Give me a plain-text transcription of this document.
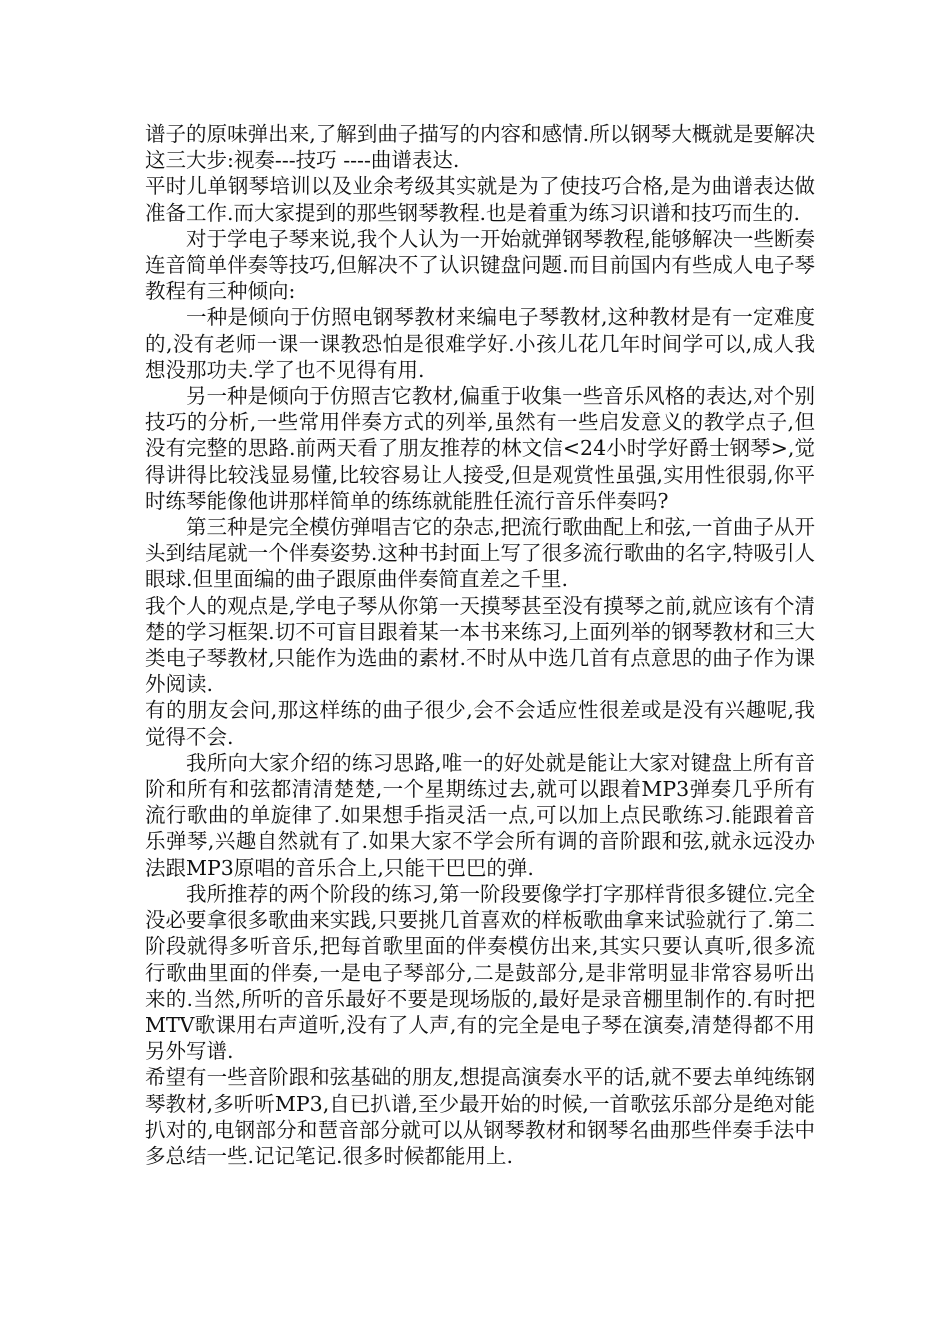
谱子的原味弹出来,了解到曲子描写的内容和感情.所以钢琴大概就是要解决这三大步:视奏---技巧 ----曲谱表达.

平时儿单钢琴培训以及业余考级其实就是为了使技巧合格,是为曲谱表达做准备工作.而大家提到的那些钢琴教程.也是着重为练习识谱和技巧而生的.

对于学电子琴来说,我个人认为一开始就弹钢琴教程,能够解决一些断奏连音简单伴奏等技巧,但解决不了认识键盘问题.而目前国内有些成人电子琴教程有三种倾向:

一种是倾向于仿照电钢琴教材来编电子琴教材,这种教材是有一定难度的,没有老师一课一课教恐怕是很难学好.小孩儿花几年时间学可以,成人我想没那功夫.学了也不见得有用.

另一种是倾向于仿照吉它教材,偏重于收集一些音乐风格的表达,对个别技巧的分析,一些常用伴奏方式的列举,虽然有一些启发意义的教学点子,但没有完整的思路.前两天看了朋友推荐的林文信<24小时学好爵士钢琴>,觉得讲得比较浅显易懂,比较容易让人接受,但是观赏性虽强,实用性很弱,你平时练琴能像他讲那样简单的练练就能胜任流行音乐伴奏吗?

第三种是完全模仿弹唱吉它的杂志,把流行歌曲配上和弦,一首曲子从开头到结尾就一个伴奏姿势.这种书封面上写了很多流行歌曲的名字,特吸引人眼球.但里面编的曲子跟原曲伴奏简直差之千里.

我个人的观点是,学电子琴从你第一天摸琴甚至没有摸琴之前,就应该有个清楚的学习框架.切不可盲目跟着某一本书来练习,上面列举的钢琴教材和三大类电子琴教材,只能作为选曲的素材.不时从中选几首有点意思的曲子作为课外阅读.

有的朋友会问,那这样练的曲子很少,会不会适应性很差或是没有兴趣呢,我觉得不会.

我所向大家介绍的练习思路,唯一的好处就是能让大家对键盘上所有音阶和所有和弦都清清楚楚,一个星期练过去,就可以跟着MP3弹奏几乎所有流行歌曲的单旋律了.如果想手指灵活一点,可以加上点民歌练习.能跟着音乐弹琴,兴趣自然就有了.如果大家不学会所有调的音阶跟和弦,就永远没办法跟MP3原唱的音乐合上,只能干巴巴的弹.

我所推荐的两个阶段的练习,第一阶段要像学打字那样背很多键位.完全没必要拿很多歌曲来实践,只要挑几首喜欢的样板歌曲拿来试验就行了.第二阶段就得多听音乐,把每首歌里面的伴奏模仿出来,其实只要认真听,很多流行歌曲里面的伴奏,一是电子琴部分,二是鼓部分,是非常明显非常容易听出来的.当然,所听的音乐最好不要是现场版的,最好是录音棚里制作的.有时把MTV歌课用右声道听,没有了人声,有的完全是电子琴在演奏,清楚得都不用另外写谱.

希望有一些音阶跟和弦基础的朋友,想提高演奏水平的话,就不要去单纯练钢琴教材,多听听MP3,自已扒谱,至少最开始的时候,一首歌弦乐部分是绝对能扒对的,电钢部分和琶音部分就可以从钢琴教材和钢琴名曲那些伴奏手法中多总结一些.记记笔记.很多时候都能用上.
